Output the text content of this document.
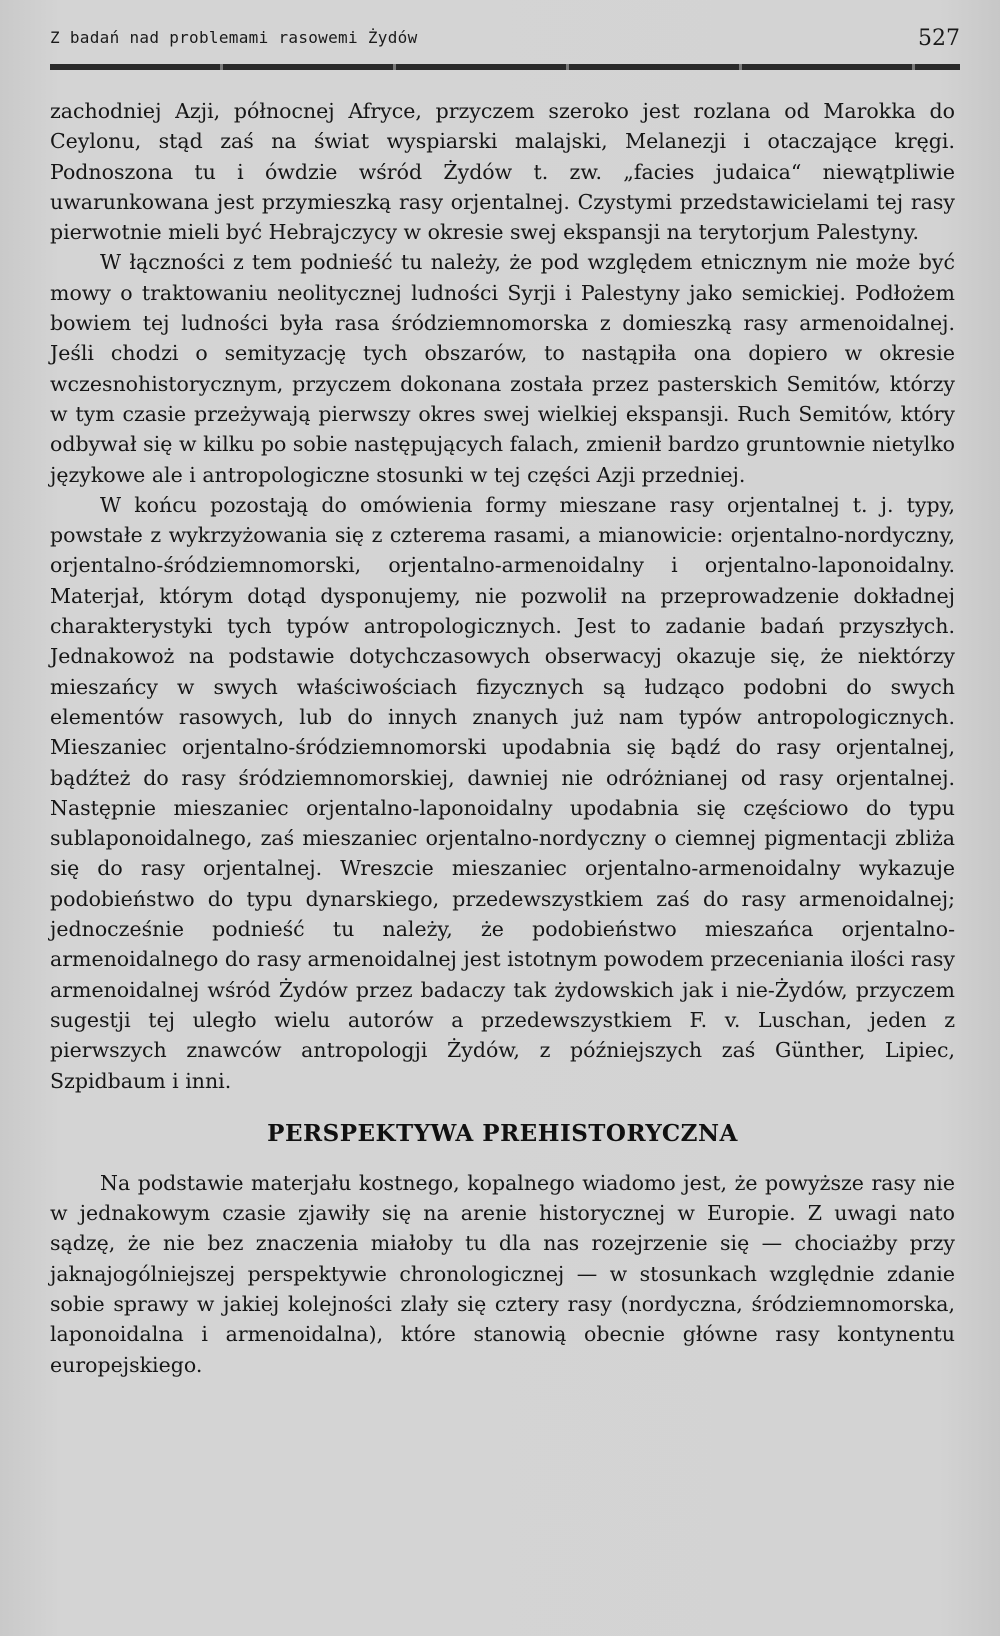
Z badań nad problemami rasowemi Żydów	527

zachodniej Azji, północnej Afryce, przyczem szeroko jest rozlana od Marokka do Ceylonu, stąd zaś na świat wyspiarski malajski, Melanezji i otaczające kręgi. Podnoszona tu i ówdzie wśród Żydów t. zw. „facies judaica“ niewątpliwie uwarunkowana jest przymieszką rasy orjentalnej. Czystymi przedstawicielami tej rasy pierwotnie mieli być Hebrajczycy w okresie swej ekspansji na terytorjum Palestyny.

W łączności z tem podnieść tu należy, że pod względem etnicznym nie może być mowy o traktowaniu neolitycznej ludności Syrji i Palestyny jako semickiej. Podłożem bowiem tej ludności była rasa śródziemnomorska z domieszką rasy armenoidalnej. Jeśli chodzi o semityzację tych obszarów, to nastąpiła ona dopiero w okresie wczesnohistorycznym, przyczem dokonana została przez pasterskich Semitów, którzy w tym czasie przeżywają pierwszy okres swej wielkiej ekspansji. Ruch Semitów, który odbywał się w kilku po sobie następujących falach, zmienił bardzo gruntownie nietylko językowe ale i antropologiczne stosunki w tej części Azji przedniej.

W końcu pozostają do omówienia formy mieszane rasy orjentalnej t. j. typy, powstałe z wykrzyżowania się z czterema rasami, a mianowicie: orjentalno-nordyczny, orjentalno-śródziemnomorski, orjentalno-armenoidalny i orjentalno-laponoidalny. Materjał, którym dotąd dysponujemy, nie pozwolił na przeprowadzenie dokładnej charakterystyki tych typów antropologicznych. Jest to zadanie badań przyszłych. Jednakowoż na podstawie dotychczasowych obserwacyj okazuje się, że niektórzy mieszańcy w swych właściwościach fizycznych są łudząco podobni do swych elementów rasowych, lub do innych znanych już nam typów antropologicznych. Mieszaniec orjentalno-śródziemnomorski upodabnia się bądź do rasy orjentalnej, bądźteż do rasy śródziemnomorskiej, dawniej nie odróżnianej od rasy orjentalnej. Następnie mieszaniec orjentalno-laponoidalny upodabnia się częściowo do typu sublaponoidalnego, zaś mieszaniec orjentalno-nordyczny o ciemnej pigmentacji zbliża się do rasy orjentalnej. Wreszcie mieszaniec orjentalno-armenoidalny wykazuje podobieństwo do typu dynarskiego, przedewszystkiem zaś do rasy armenoidalnej; jednocześnie podnieść tu należy, że podobieństwo mieszańca orjentalno-armenoidalnego do rasy armenoidalnej jest istotnym powodem przeceniania ilości rasy armenoidalnej wśród Żydów przez badaczy tak żydowskich jak i nie-Żydów, przyczem sugestji tej uległo wielu autorów a przedewszystkiem F. v. Luschan, jeden z pierwszych znawców antropologji Żydów, z późniejszych zaś Günther, Lipiec, Szpidbaum i inni.

PERSPEKTYWA PREHISTORYCZNA

Na podstawie materjału kostnego, kopalnego wiadomo jest, że powyższe rasy nie w jednakowym czasie zjawiły się na arenie historycznej w Europie. Z uwagi nato sądzę, że nie bez znaczenia miałoby tu dla nas rozejrzenie się — chociażby przy jaknajogólniejszej perspektywie chronologicznej — w stosunkach względnie zdanie sobie sprawy w jakiej kolejności zlały się cztery rasy (nordyczna, śródziemnomorska, laponoidalna i armenoidalna), które stanowią obecnie główne rasy kontynentu europejskiego.
